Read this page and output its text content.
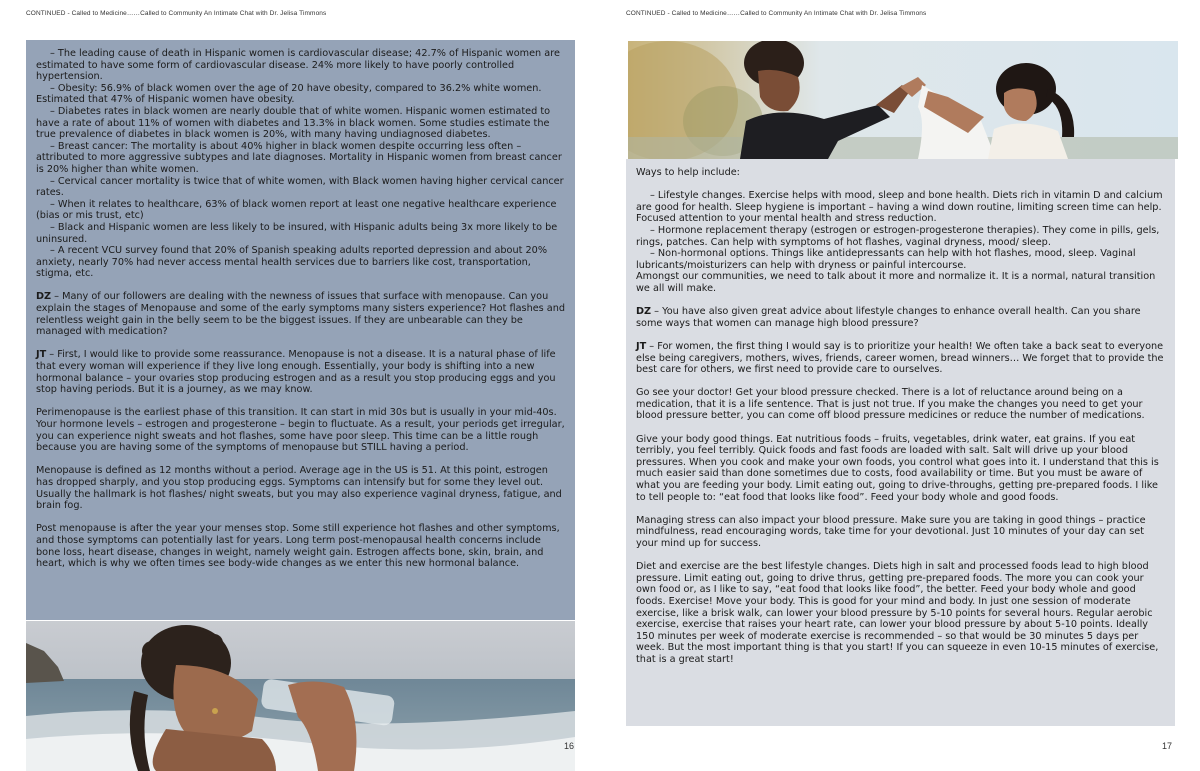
CONTINUED - Called to Medicine……Called to Community An Intimate Chat with Dr. Jelisa Timmons

– The leading cause of death in Hispanic women is cardiovascular disease; 42.7% of Hispanic women are estimated to have some form of cardiovascular disease. 24% more likely to have poorly controlled hypertension.

– Obesity: 56.9% of black women over the age of 20 have obesity, compared to 36.2% white women. Estimated that 47% of Hispanic women have obesity.

– Diabetes rates in black women are nearly double that of white women. Hispanic women estimated to have a rate of about 11% of women with diabetes and 13.3% in black women. Some studies estimate the true prevalence of diabetes in black women is 20%, with many having undiagnosed diabetes.

– Breast cancer: The mortality is about 40% higher in black women despite occurring less often – attributed to more aggressive subtypes and late diagnoses. Mortality in Hispanic women from breast cancer is 20% higher than white women.

– Cervical cancer mortality is twice that of white women, with Black women having higher cervical cancer rates.

– When it relates to healthcare, 63% of black women report at least one negative healthcare experience (bias or mis trust, etc)

– Black and Hispanic women are less likely to be insured, with Hispanic adults being 3x more likely to be uninsured.

– A recent VCU survey found that 20% of Spanish speaking adults reported depression and about 20% anxiety, nearly 70% had never access mental health services due to barriers like cost, transportation, stigma, etc.

DZ – Many of our followers are dealing with the newness of issues that surface with menopause. Can you explain the stages of Menopause and some of the early symptoms many sisters experience? Hot flashes and relentless weight gain in the belly seem to be the biggest issues. If they are unbearable can they be managed with medication?

JT – First, I would like to provide some reassurance. Menopause is not a disease. It is a natural phase of life that every woman will experience if they live long enough. Essentially, your body is shifting into a new hormonal balance – your ovaries stop producing estrogen and as a result you stop producing eggs and you stop having periods. But it is a journey, as we may know.

Perimenopause is the earliest phase of this transition. It can start in mid 30s but is usually in your mid-40s. Your hormone levels – estrogen and progesterone – begin to fluctuate. As a result, your periods get irregular, you can experience night sweats and hot flashes, some have poor sleep. This time can be a little rough because you are having some of the symptoms of menopause but STILL having a period.

Menopause is defined as 12 months without a period. Average age in the US is 51. At this point, estrogen has dropped sharply, and you stop producing eggs. Symptoms can intensify but for some they level out. Usually the hallmark is hot flashes/ night sweats, but you may also experience vaginal dryness, fatigue, and brain fog.

Post menopause is after the year your menses stop. Some still experience hot flashes and other symptoms, and those symptoms can potentially last for years. Long term post-menopausal health concerns include bone loss, heart disease, changes in weight, namely weight gain. Estrogen affects bone, skin, brain, and heart, which is why we often times see body-wide changes as we enter this new hormonal balance.

16
CONTINUED - Called to Medicine……Called to Community An Intimate Chat with Dr. Jelisa Timmons

Ways to help include:

– Lifestyle changes. Exercise helps with mood, sleep and bone health. Diets rich in vitamin D and calcium are good for health. Sleep hygiene is important – having a wind down routine, limiting screen time can help. Focused attention to your mental health and stress reduction.

– Hormone replacement therapy (estrogen or estrogen-progesterone therapies). They come in pills, gels, rings, patches. Can help with symptoms of hot flashes, vaginal dryness, mood/ sleep.

– Non-hormonal options. Things like antidepressants can help with hot flashes, mood, sleep. Vaginal lubricants/moisturizers can help with dryness or painful intercourse.

Amongst our communities, we need to talk about it more and normalize it. It is a normal, natural transition we all will make.

DZ – You have also given great advice about lifestyle changes to enhance overall health. Can you share some ways that women can manage high blood pressure?

JT – For women, the first thing I would say is to prioritize your health! We often take a back seat to everyone else being caregivers, mothers, wives, friends, career women, bread winners… We forget that to provide the best care for others, we first need to provide care to ourselves.

Go see your doctor! Get your blood pressure checked. There is a lot of reluctance around being on a medication, that it is a life sentence. That is just not true. If you make the changes you need to get your blood pressure better, you can come off blood pressure medicines or reduce the number of medications.

Give your body good things. Eat nutritious foods – fruits, vegetables, drink water, eat grains. If you eat terribly, you feel terribly. Quick foods and fast foods are loaded with salt. Salt will drive up your blood pressures. When you cook and make your own foods, you control what goes into it. I understand that this is much easier said than done sometimes due to costs, food availability or time. But you must be aware of what you are feeding your body. Limit eating out, going to drive-throughs, getting pre-prepared foods. I like to tell people to: “eat food that looks like food”. Feed your body whole and good foods.

Managing stress can also impact your blood pressure. Make sure you are taking in good things – practice mindfulness, read encouraging words, take time for your devotional. Just 10 minutes of your day can set your mind up for success.

Diet and exercise are the best lifestyle changes. Diets high in salt and processed foods lead to high blood pressure. Limit eating out, going to drive thrus, getting pre-prepared foods. The more you can cook your own food or, as I like to say, “eat food that looks like food”, the better. Feed your body whole and good foods. Exercise! Move your body. This is good for your mind and body. In just one session of moderate exercise, like a brisk walk, can lower your blood pressure by 5-10 points for several hours. Regular aerobic exercise, exercise that raises your heart rate, can lower your blood pressure by about 5-10 points. Ideally 150 minutes per week of moderate exercise is recommended – so that would be 30 minutes 5 days per week. But the most important thing is that you start! If you can squeeze in even 10-15 minutes of exercise, that is a great start!

17
